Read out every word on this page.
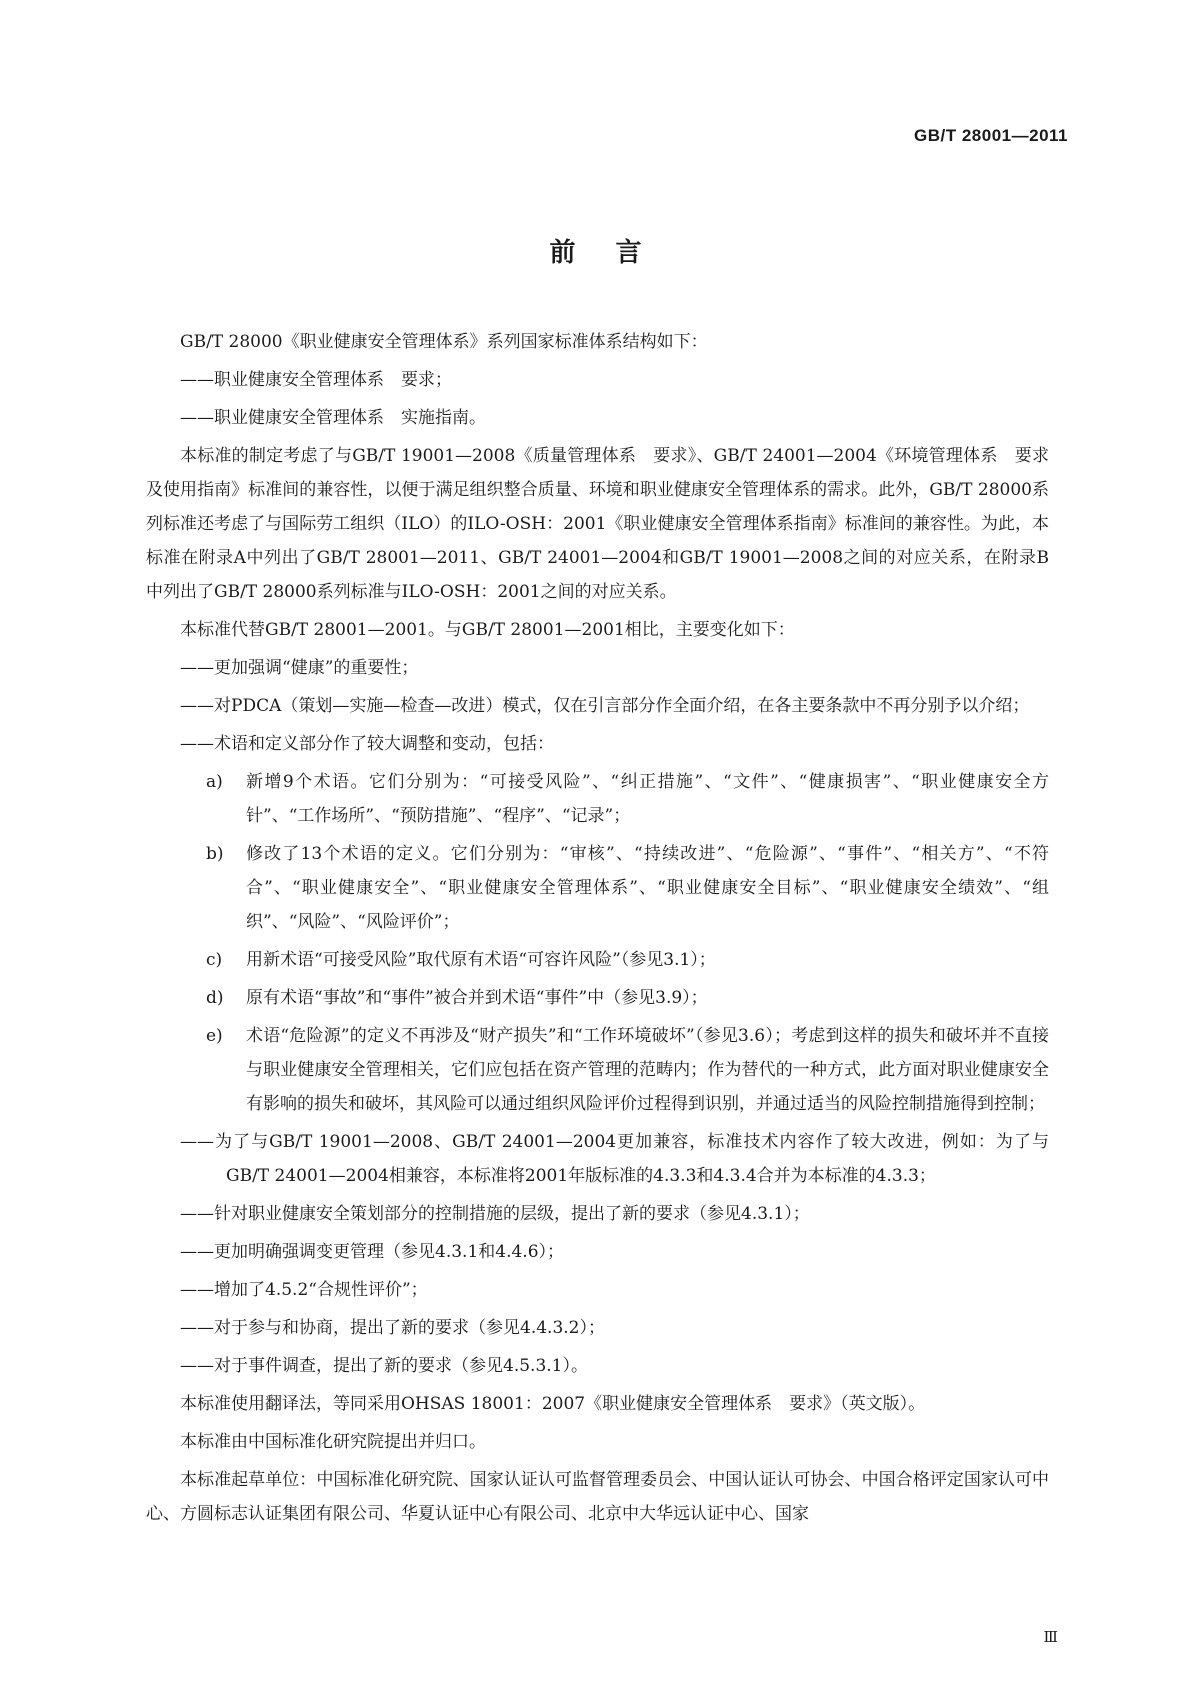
GB/T 28001—2011
前言

GB/T 28000《职业健康安全管理体系》系列国家标准体系结构如下：

——职业健康安全管理体系　要求；

——职业健康安全管理体系　实施指南。

本标准的制定考虑了与GB/T 19001—2008《质量管理体系　要求》、GB/T 24001—2004《环境管理体系　要求及使用指南》标准间的兼容性，以便于满足组织整合质量、环境和职业健康安全管理体系的需求。此外，GB/T 28000系列标准还考虑了与国际劳工组织（ILO）的ILO-OSH：2001《职业健康安全管理体系指南》标准间的兼容性。为此，本标准在附录A中列出了GB/T 28001—2011、GB/T 24001—2004和GB/T 19001—2008之间的对应关系，在附录B中列出了GB/T 28000系列标准与ILO-OSH：2001之间的对应关系。

本标准代替GB/T 28001—2001。与GB/T 28001—2001相比，主要变化如下：

——更加强调“健康”的重要性；

——对PDCA（策划—实施—检查—改进）模式，仅在引言部分作全面介绍，在各主要条款中不再分别予以介绍；

——术语和定义部分作了较大调整和变动，包括：

a)	新增9个术语。它们分别为：“可接受风险”、“纠正措施”、“文件”、“健康损害”、“职业健康安全方针”、“工作场所”、“预防措施”、“程序”、“记录”；
b)	修改了13个术语的定义。它们分别为：“审核”、“持续改进”、“危险源”、“事件”、“相关方”、“不符合”、“职业健康安全”、“职业健康安全管理体系”、“职业健康安全目标”、“职业健康安全绩效”、“组织”、“风险”、“风险评价”；
c)	用新术语“可接受风险”取代原有术语“可容许风险”（参见3.1）；
d)	原有术语“事故”和“事件”被合并到术语“事件”中（参见3.9）；
e)	术语“危险源”的定义不再涉及“财产损失”和“工作环境破坏”（参见3.6）；考虑到这样的损失和破坏并不直接与职业健康安全管理相关，它们应包括在资产管理的范畴内；作为替代的一种方式，此方面对职业健康安全有影响的损失和破坏，其风险可以通过组织风险评价过程得到识别，并通过适当的风险控制措施得到控制；

——为了与GB/T 19001—2008、GB/T 24001—2004更加兼容，标准技术内容作了较大改进，例如：为了与GB/T 24001—2004相兼容，本标准将2001年版标准的4.3.3和4.3.4合并为本标准的4.3.3；

——针对职业健康安全策划部分的控制措施的层级，提出了新的要求（参见4.3.1）；

——更加明确强调变更管理（参见4.3.1和4.4.6）；

——增加了4.5.2“合规性评价”；

——对于参与和协商，提出了新的要求（参见4.4.3.2）；

——对于事件调查，提出了新的要求（参见4.5.3.1）。

本标准使用翻译法，等同采用OHSAS 18001：2007《职业健康安全管理体系　要求》（英文版）。

本标准由中国标准化研究院提出并归口。

本标准起草单位：中国标准化研究院、国家认证认可监督管理委员会、中国认证认可协会、中国合格评定国家认可中心、方圆标志认证集团有限公司、华夏认证中心有限公司、北京中大华远认证中心、国家

Ⅲ
